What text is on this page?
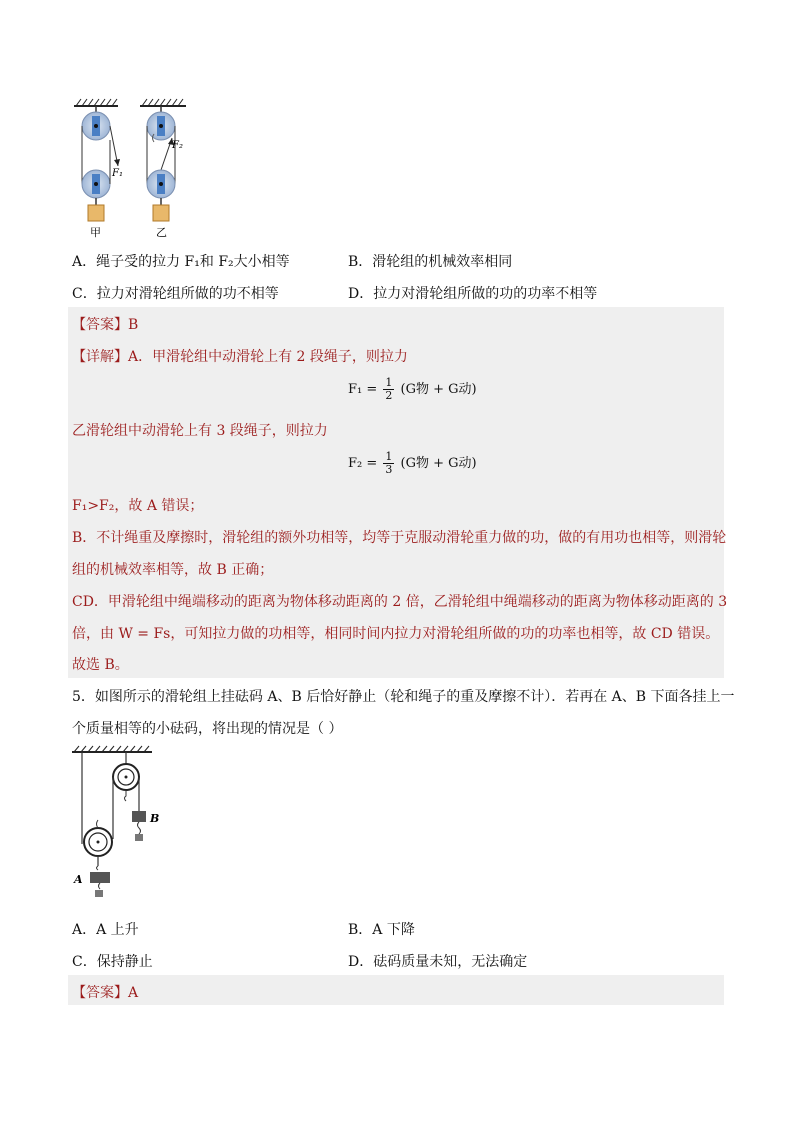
F₁
甲
F₂
乙
A．绳子受的拉力 F₁和 F₂大小相等	B．滑轮组的机械效率相同
C．拉力对滑轮组所做的功不相等	D．拉力对滑轮组所做的功的功率不相等
【答案】B
【详解】A．甲滑轮组中动滑轮上有 2 段绳子，则拉力
$F_1 = \frac{1}{2} (G$物 + G动)
乙滑轮组中动滑轮上有 3 段绳子，则拉力
$F_2 = \frac{1}{3} (G$物 + G动)
F₁>F₂，故 A 错误；
B．不计绳重及摩擦时，滑轮组的额外功相等，均等于克服动滑轮重力做的功，做的有用功也相等，则滑轮
组的机械效率相等，故 B 正确；
CD．甲滑轮组中绳端移动的距离为物体移动距离的 2 倍，乙滑轮组中绳端移动的距离为物体移动距离的 3
倍，由 W = Fs，可知拉力做的功相等，相同时间内拉力对滑轮组所做的功的功率也相等，故 CD 错误。
故选 B。
5．如图所示的滑轮组上挂砝码 A、B 后恰好静止（轮和绳子的重及摩擦不计）．若再在 A、B 下面各挂上一
个质量相等的小砝码，将出现的情况是（ ）
B
A
A．A 上升	B．A 下降
C．保持静止	D．砝码质量未知，无法确定
【答案】A
